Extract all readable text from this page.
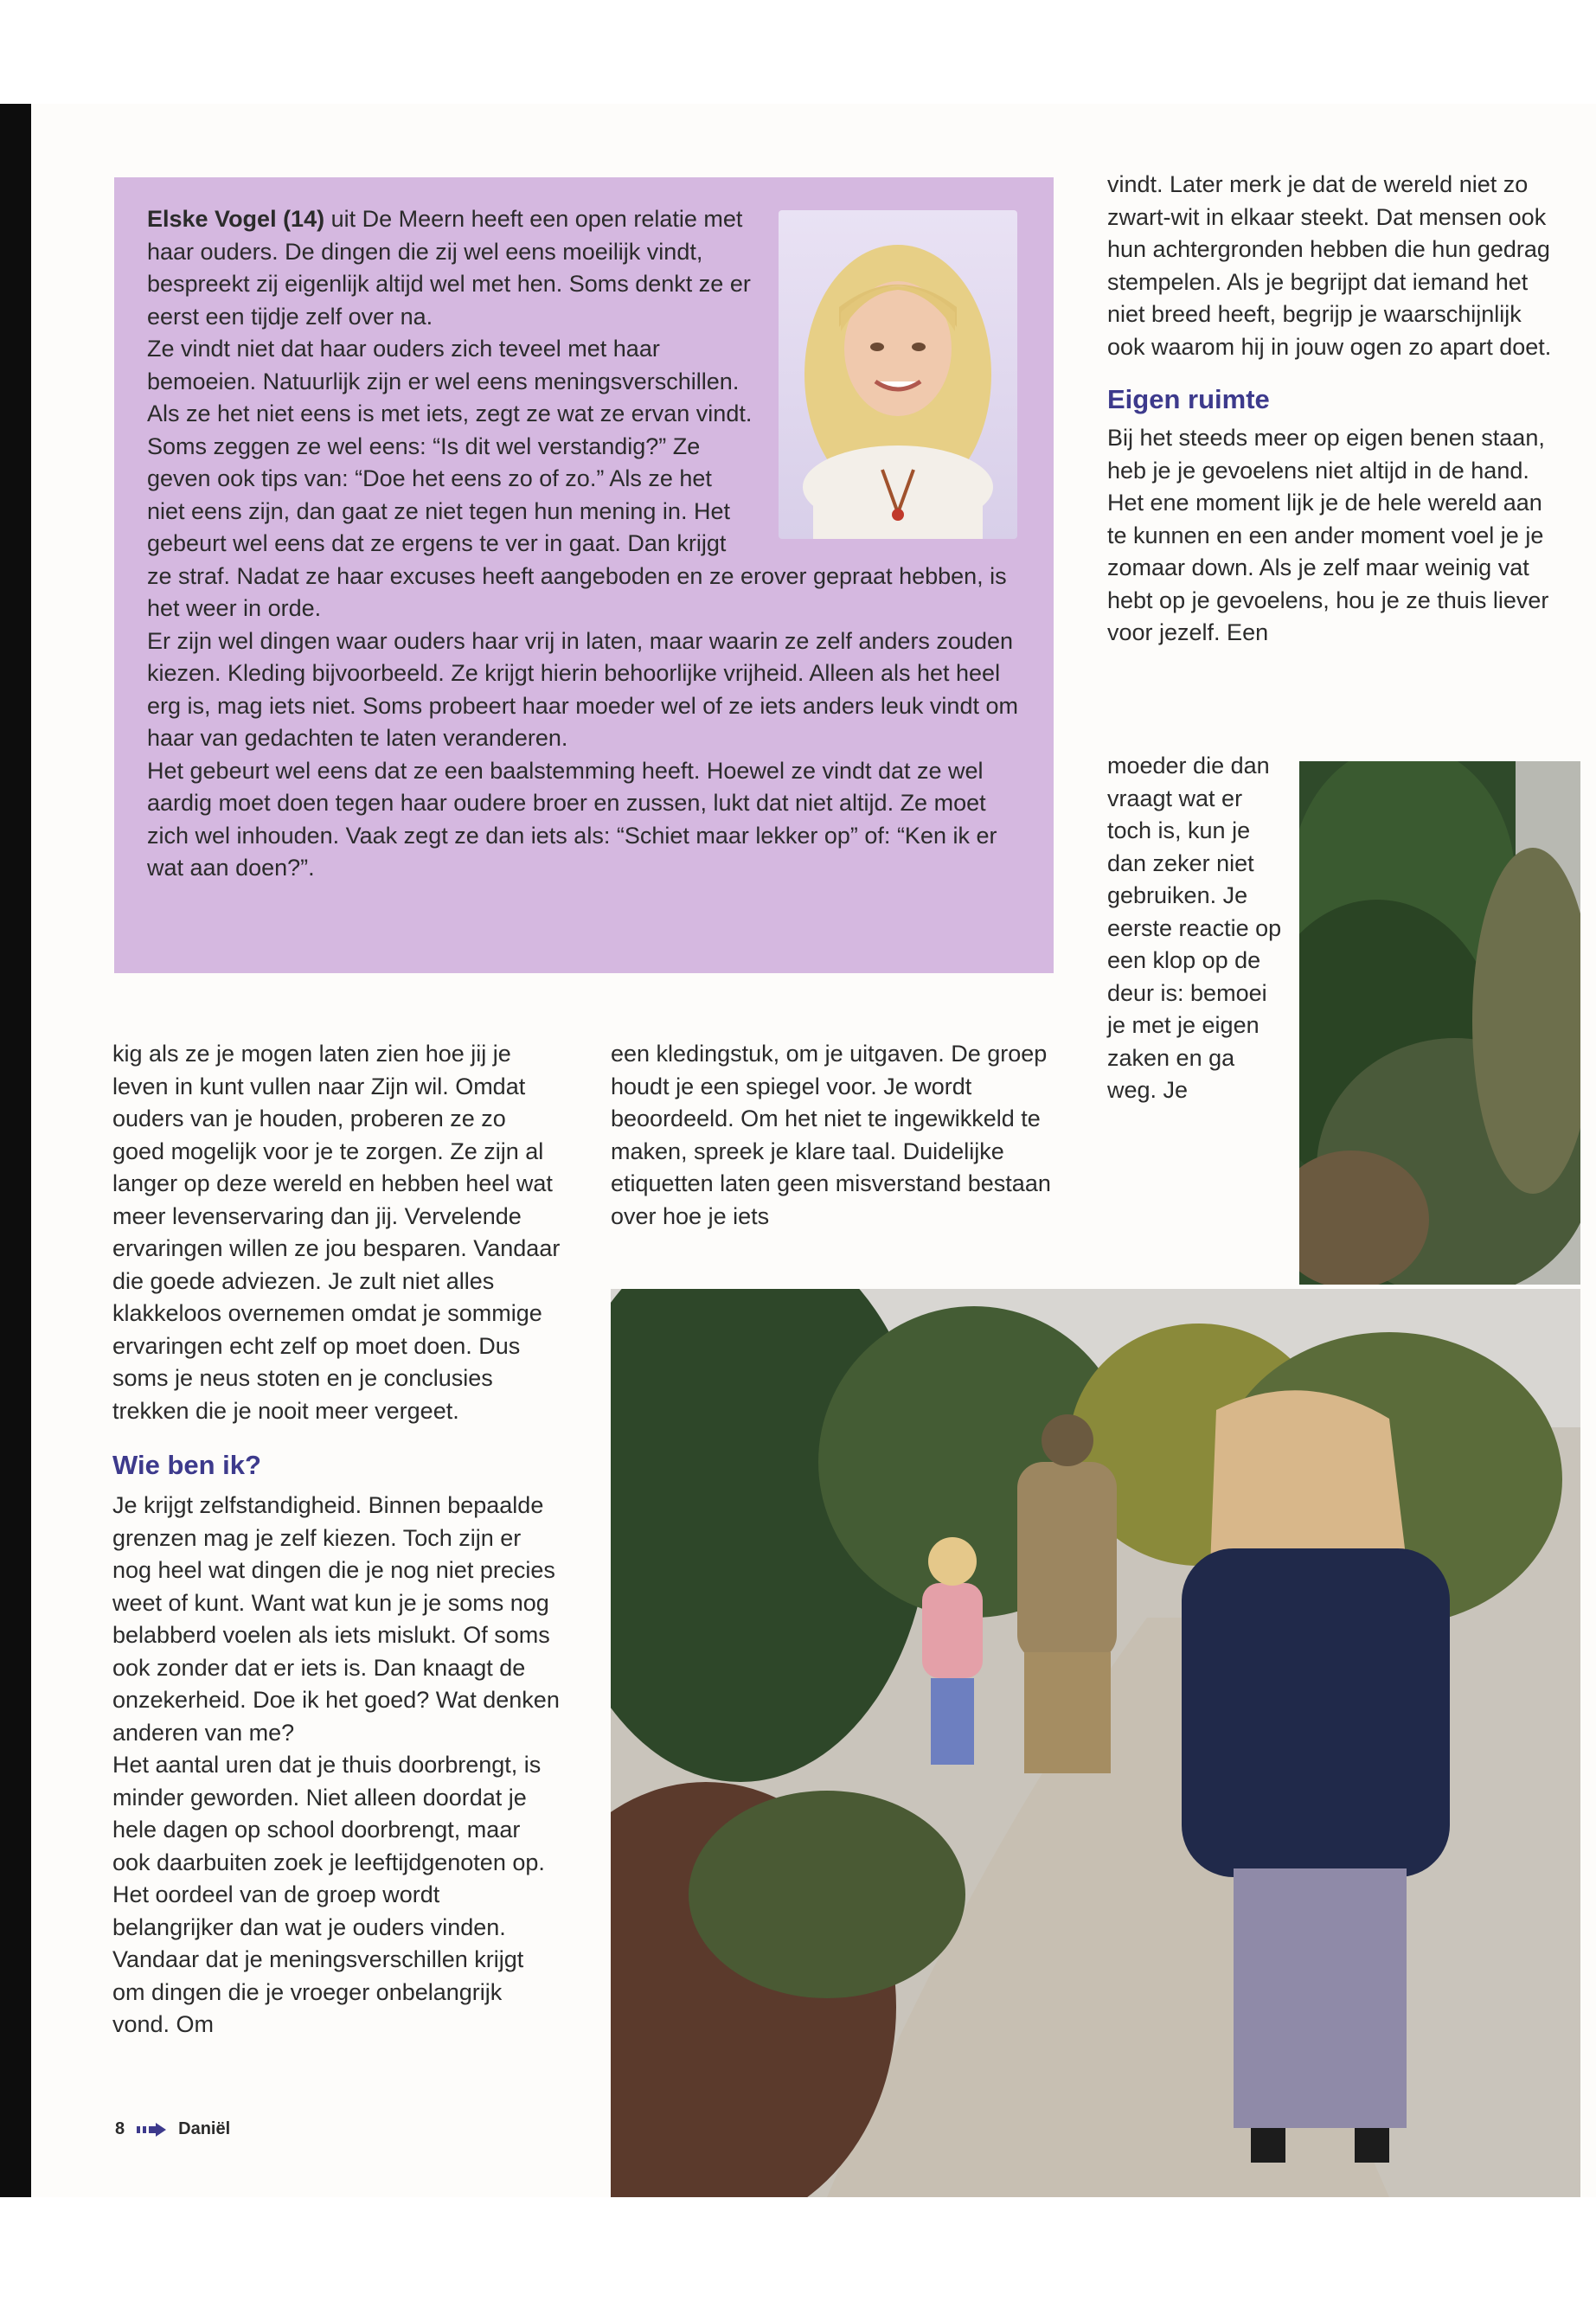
Elske Vogel (14) uit De Meern heeft een open relatie met haar ouders. De dingen die zij wel eens moeilijk vindt, bespreekt zij eigenlijk altijd wel met hen. Soms denkt ze er eerst een tijdje zelf over na.

Ze vindt niet dat haar ouders zich teveel met haar bemoeien. Natuurlijk zijn er wel eens meningsverschillen. Als ze het niet eens is met iets, zegt ze wat ze ervan vindt. Soms zeggen ze wel eens: “Is dit wel verstandig?” Ze geven ook tips van: “Doe het eens zo of zo.” Als ze het niet eens zijn, dan gaat ze niet tegen hun mening in. Het gebeurt wel eens dat ze ergens te ver in gaat. Dan krijgt ze straf. Nadat ze haar excuses heeft aangeboden en ze erover gepraat hebben, is het weer in orde.

Er zijn wel dingen waar ouders haar vrij in laten, maar waarin ze zelf anders zouden kiezen. Kleding bijvoorbeeld. Ze krijgt hierin behoorlijke vrijheid. Alleen als het heel erg is, mag iets niet. Soms probeert haar moeder wel of ze iets anders leuk vindt om haar van gedachten te laten veranderen.

Het gebeurt wel eens dat ze een baalstemming heeft. Hoewel ze vindt dat ze wel aardig moet doen tegen haar oudere broer en zussen, lukt dat niet altijd. Ze moet zich wel inhouden. Vaak zegt ze dan iets als: “Schiet maar lekker op” of: “Ken ik er wat aan doen?”.

vindt. Later merk je dat de wereld niet zo zwart-wit in elkaar steekt. Dat mensen ook hun achtergronden hebben die hun gedrag stempelen. Als je begrijpt dat iemand het niet breed heeft, begrijp je waarschijnlijk ook waarom hij in jouw ogen zo apart doet.

Eigen ruimte

Bij het steeds meer op eigen benen staan, heb je je gevoelens niet altijd in de hand. Het ene moment lijk je de hele wereld aan te kunnen en een ander moment voel je je zomaar down. Als je zelf maar weinig vat hebt op je gevoelens, hou je ze thuis liever voor jezelf. Een

moeder die dan vraagt wat er toch is, kun je dan zeker niet gebruiken. Je eerste reactie op een klop op de deur is: bemoei je met je eigen zaken en ga weg. Je

kig als ze je mogen laten zien hoe jij je leven in kunt vullen naar Zijn wil. Omdat ouders van je houden, proberen ze zo goed mogelijk voor je te zorgen. Ze zijn al langer op deze wereld en hebben heel wat meer levenservaring dan jij. Vervelende ervaringen willen ze jou besparen. Vandaar die goede adviezen. Je zult niet alles klakkeloos overnemen omdat je sommige ervaringen echt zelf op moet doen. Dus soms je neus stoten en je conclusies trekken die je nooit meer vergeet.

Wie ben ik?

Je krijgt zelfstandigheid. Binnen bepaalde grenzen mag je zelf kiezen. Toch zijn er nog heel wat dingen die je nog niet precies weet of kunt. Want wat kun je je soms nog belabberd voelen als iets mislukt. Of soms ook zonder dat er iets is. Dan knaagt de onzekerheid. Doe ik het goed? Wat denken anderen van me?

Het aantal uren dat je thuis doorbrengt, is minder geworden. Niet alleen doordat je hele dagen op school doorbrengt, maar ook daarbuiten zoek je leeftijdgenoten op. Het oordeel van de groep wordt belangrijker dan wat je ouders vinden. Vandaar dat je meningsverschillen krijgt om dingen die je vroeger onbelangrijk vond. Om

een kledingstuk, om je uitgaven. De groep houdt je een spiegel voor. Je wordt beoordeeld. Om het niet te ingewikkeld te maken, spreek je klare taal. Duidelijke etiquetten laten geen misverstand bestaan over hoe je iets

8	Daniël
